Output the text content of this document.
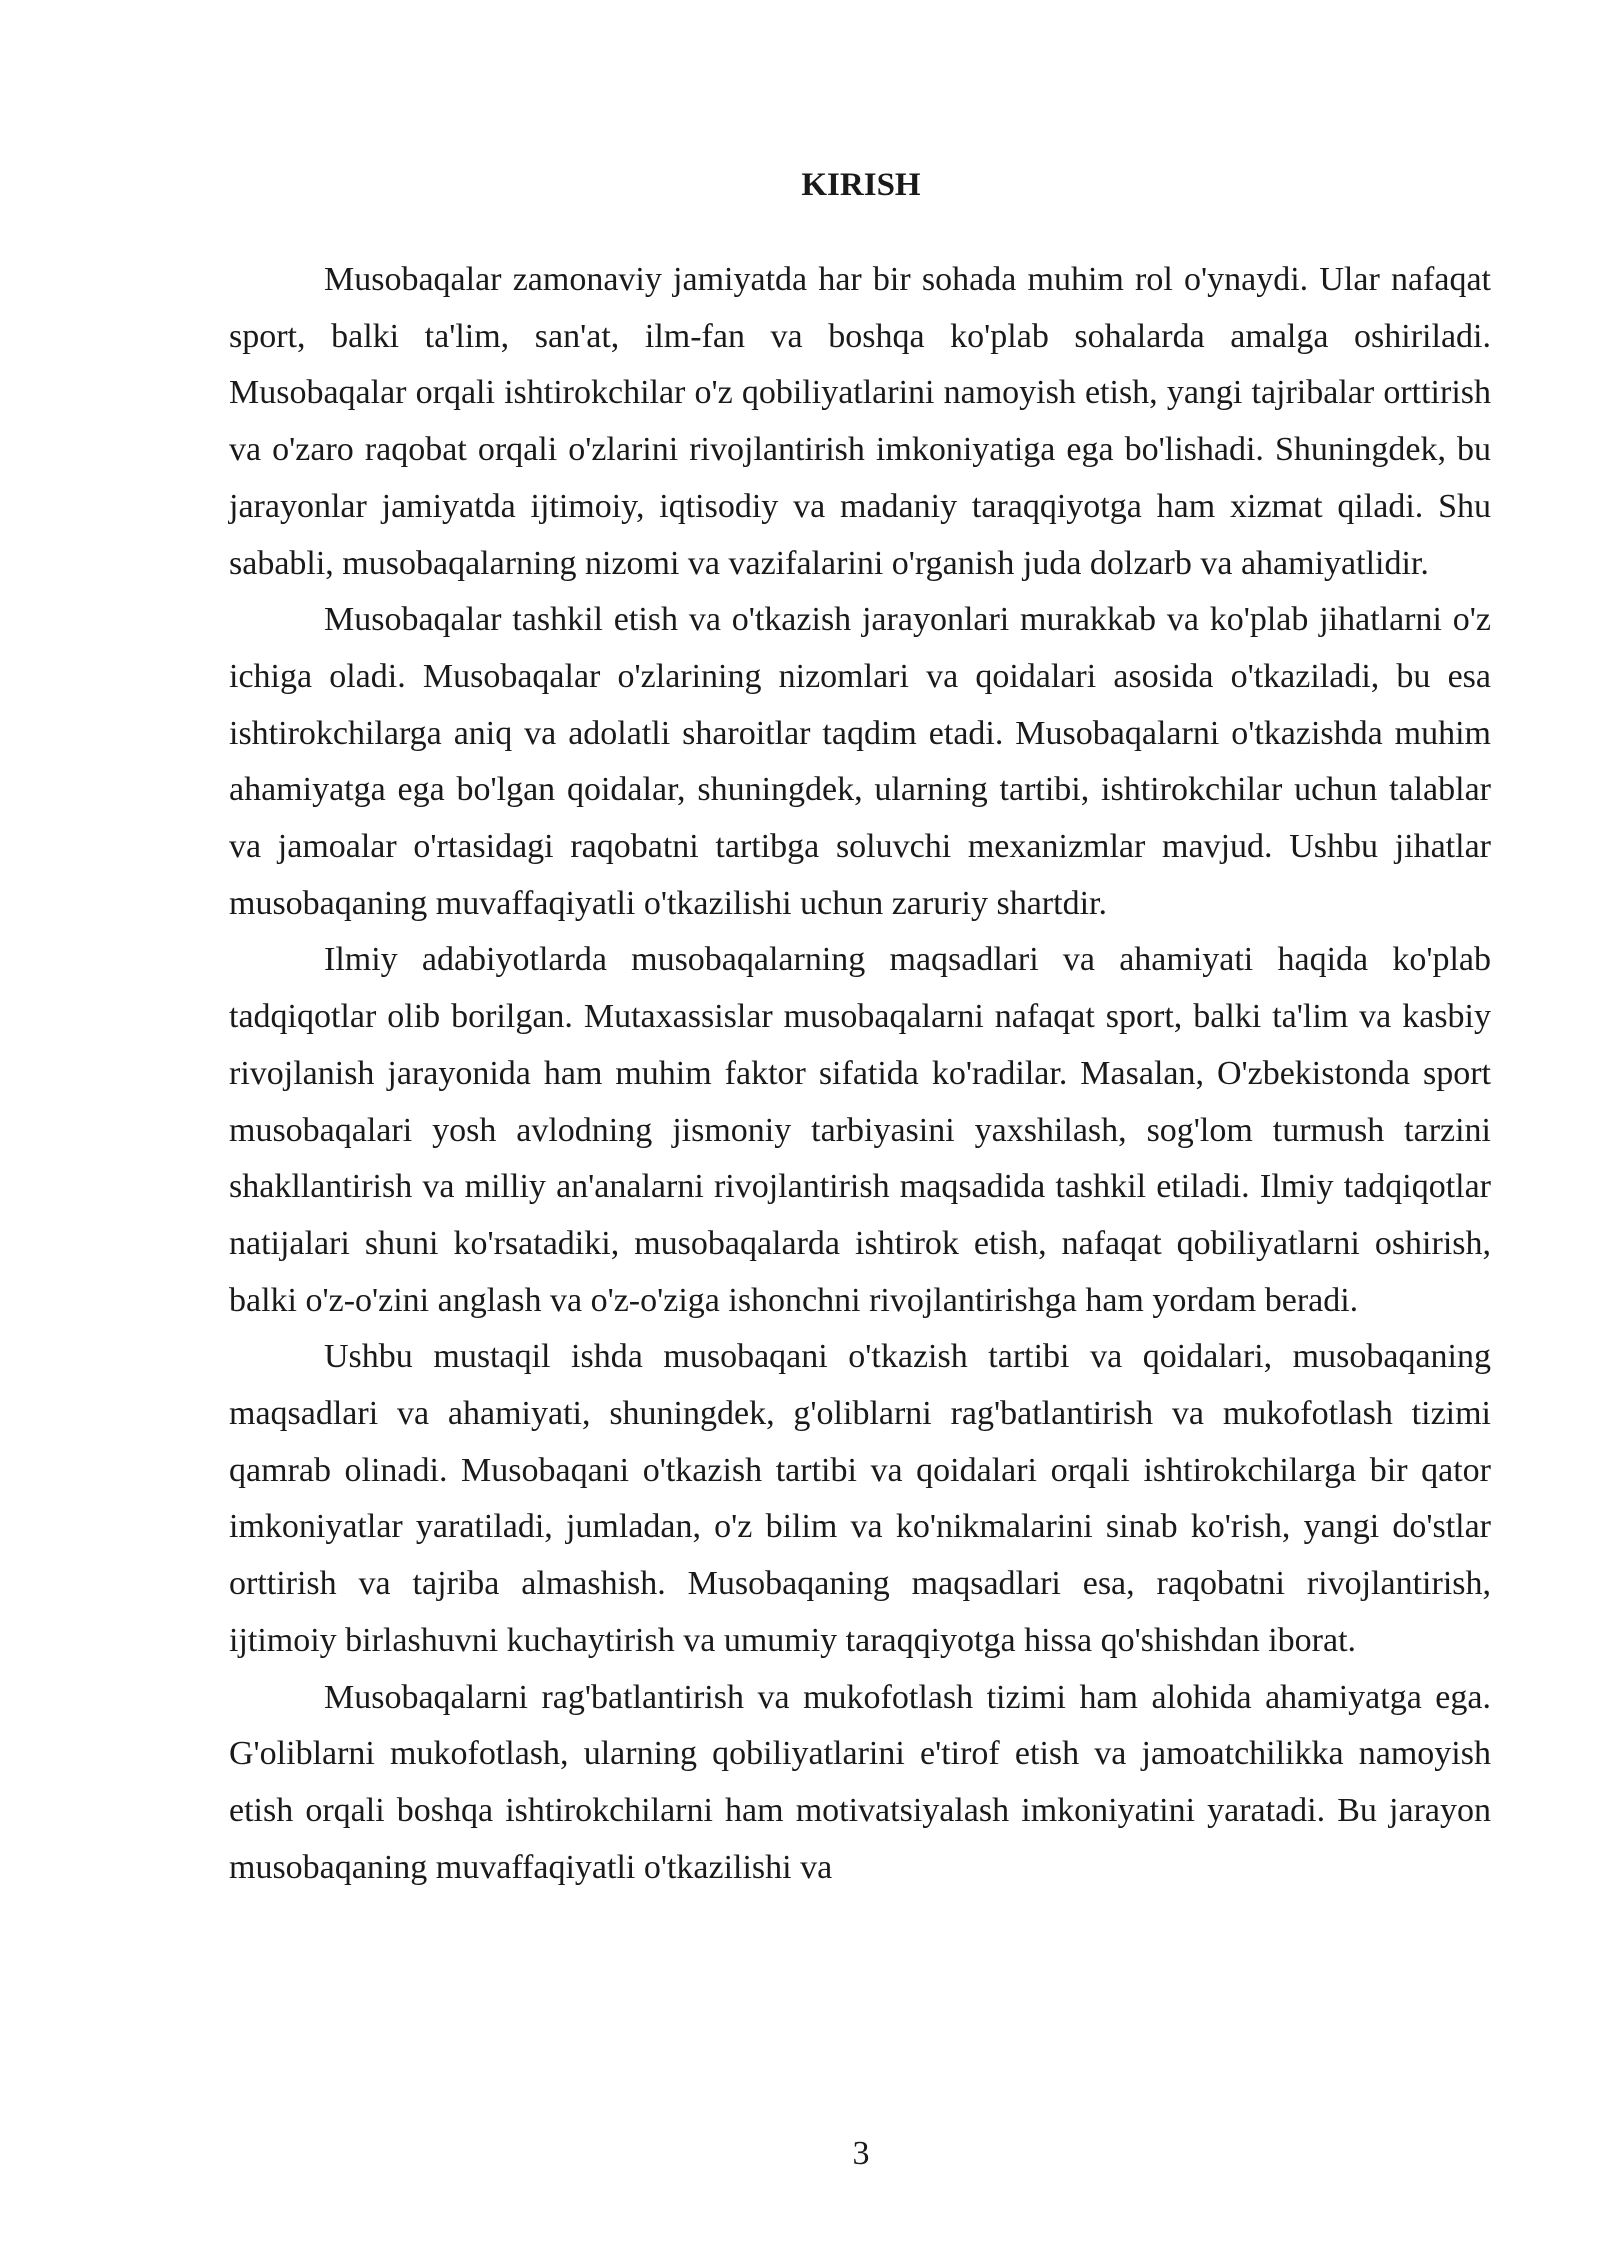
KIRISH

Musobaqalar zamonaviy jamiyatda har bir sohada muhim rol o'ynaydi. Ular nafaqat sport, balki ta'lim, san'at, ilm-fan va boshqa ko'plab sohalarda amalga oshiriladi. Musobaqalar orqali ishtirokchilar o'z qobiliyatlarini namoyish etish, yangi tajribalar orttirish va o'zaro raqobat orqali o'zlarini rivojlantirish imkoniyatiga ega bo'lishadi. Shuningdek, bu jarayonlar jamiyatda ijtimoiy, iqtisodiy va madaniy taraqqiyotga ham xizmat qiladi. Shu sababli, musobaqalarning nizomi va vazifalarini o'rganish juda dolzarb va ahamiyatlidir.

Musobaqalar tashkil etish va o'tkazish jarayonlari murakkab va ko'plab jihatlarni o'z ichiga oladi. Musobaqalar o'zlarining nizomlari va qoidalari asosida o'tkaziladi, bu esa ishtirokchilarga aniq va adolatli sharoitlar taqdim etadi. Musobaqalarni o'tkazishda muhim ahamiyatga ega bo'lgan qoidalar, shuningdek, ularning tartibi, ishtirokchilar uchun talablar va jamoalar o'rtasidagi raqobatni tartibga soluvchi mexanizmlar mavjud. Ushbu jihatlar musobaqaning muvaffaqiyatli o'tkazilishi uchun zaruriy shartdir.

Ilmiy adabiyotlarda musobaqalarning maqsadlari va ahamiyati haqida ko'plab tadqiqotlar olib borilgan. Mutaxassislar musobaqalarni nafaqat sport, balki ta'lim va kasbiy rivojlanish jarayonida ham muhim faktor sifatida ko'radilar. Masalan, O'zbekistonda sport musobaqalari yosh avlodning jismoniy tarbiyasini yaxshilash, sog'lom turmush tarzini shakllantirish va milliy an'analarni rivojlantirish maqsadida tashkil etiladi. Ilmiy tadqiqotlar natijalari shuni ko'rsatadiki, musobaqalarda ishtirok etish, nafaqat qobiliyatlarni oshirish, balki o'z-o'zini anglash va o'z-o'ziga ishonchni rivojlantirishga ham yordam beradi.

Ushbu mustaqil ishda musobaqani o'tkazish tartibi va qoidalari, musobaqaning maqsadlari va ahamiyati, shuningdek, g'oliblarni rag'batlantirish va mukofotlash tizimi qamrab olinadi. Musobaqani o'tkazish tartibi va qoidalari orqali ishtirokchilarga bir qator imkoniyatlar yaratiladi, jumladan, o'z bilim va ko'nikmalarini sinab ko'rish, yangi do'stlar orttirish va tajriba almashish. Musobaqaning maqsadlari esa, raqobatni rivojlantirish, ijtimoiy birlashuvni kuchaytirish va umumiy taraqqiyotga hissa qo'shishdan iborat.

Musobaqalarni rag'batlantirish va mukofotlash tizimi ham alohida ahamiyatga ega. G'oliblarni mukofotlash, ularning qobiliyatlarini e'tirof etish va jamoatchilikka namoyish etish orqali boshqa ishtirokchilarni ham motivatsiyalash imkoniyatini yaratadi. Bu jarayon musobaqaning muvaffaqiyatli o'tkazilishi va

3
